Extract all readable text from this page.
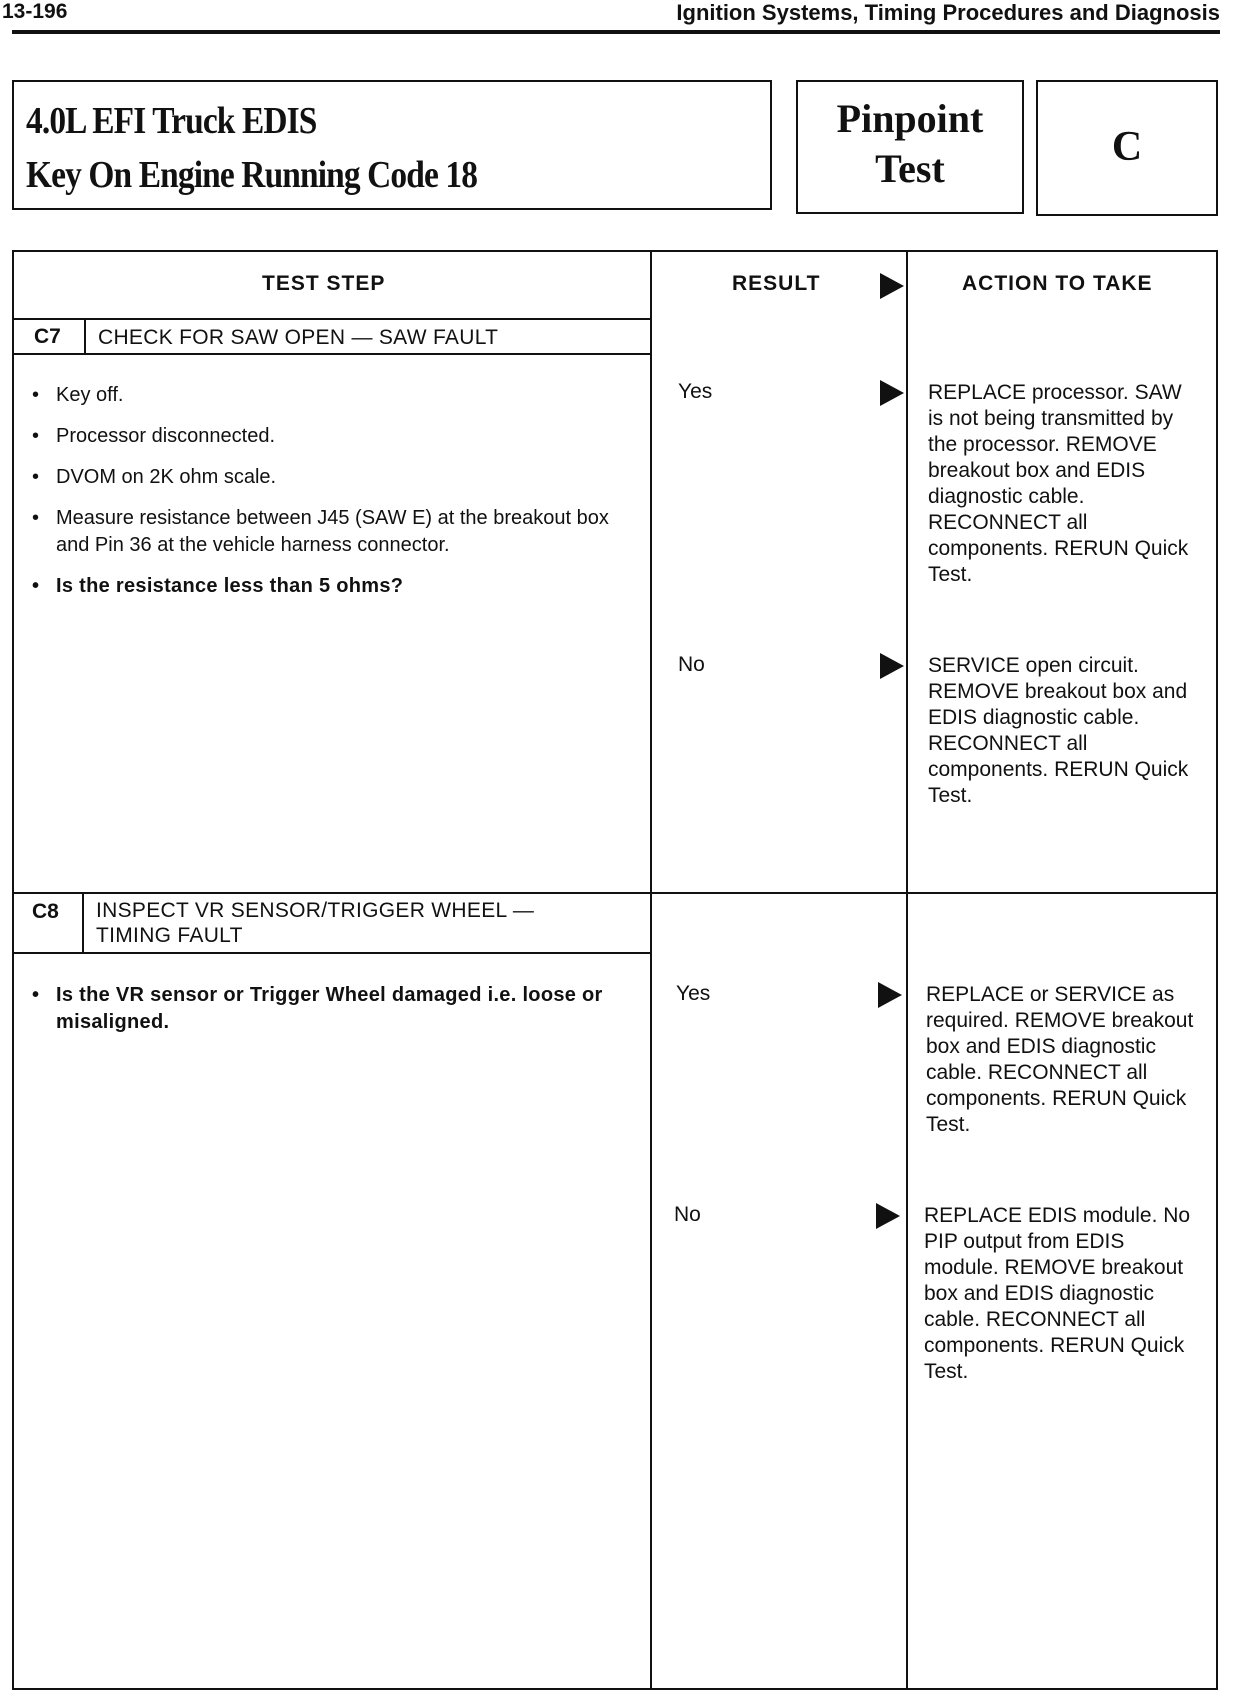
13-196	Ignition Systems, Timing Procedures and Diagnosis
4.0L EFI Truck EDIS
Key On Engine Running Code 18
Pinpoint
Test	C
TEST STEP	RESULT	ACTION TO TAKE
C7 CHECK FOR SAW OPEN — SAW FAULT
• Key off.
• Processor disconnected.
• DVOM on 2K ohm scale.
• Measure resistance between J45 (SAW E) at the breakout box and Pin 36 at the vehicle harness connector.
• Is the resistance less than 5 ohms?
Yes	REPLACE processor. SAW is not being transmitted by the processor. REMOVE breakout box and EDIS diagnostic cable. RECONNECT all components. RERUN Quick Test.
No	SERVICE open circuit. REMOVE breakout box and EDIS diagnostic cable. RECONNECT all components. RERUN Quick Test.
C8 INSPECT VR SENSOR/TRIGGER WHEEL —
TIMING FAULT
• Is the VR sensor or Trigger Wheel damaged i.e. loose or misaligned.
Yes	REPLACE or SERVICE as required. REMOVE breakout box and EDIS diagnostic cable. RECONNECT all components. RERUN Quick Test.
No	REPLACE EDIS module. No PIP output from EDIS module. REMOVE breakout box and EDIS diagnostic cable. RECONNECT all components. RERUN Quick Test.
